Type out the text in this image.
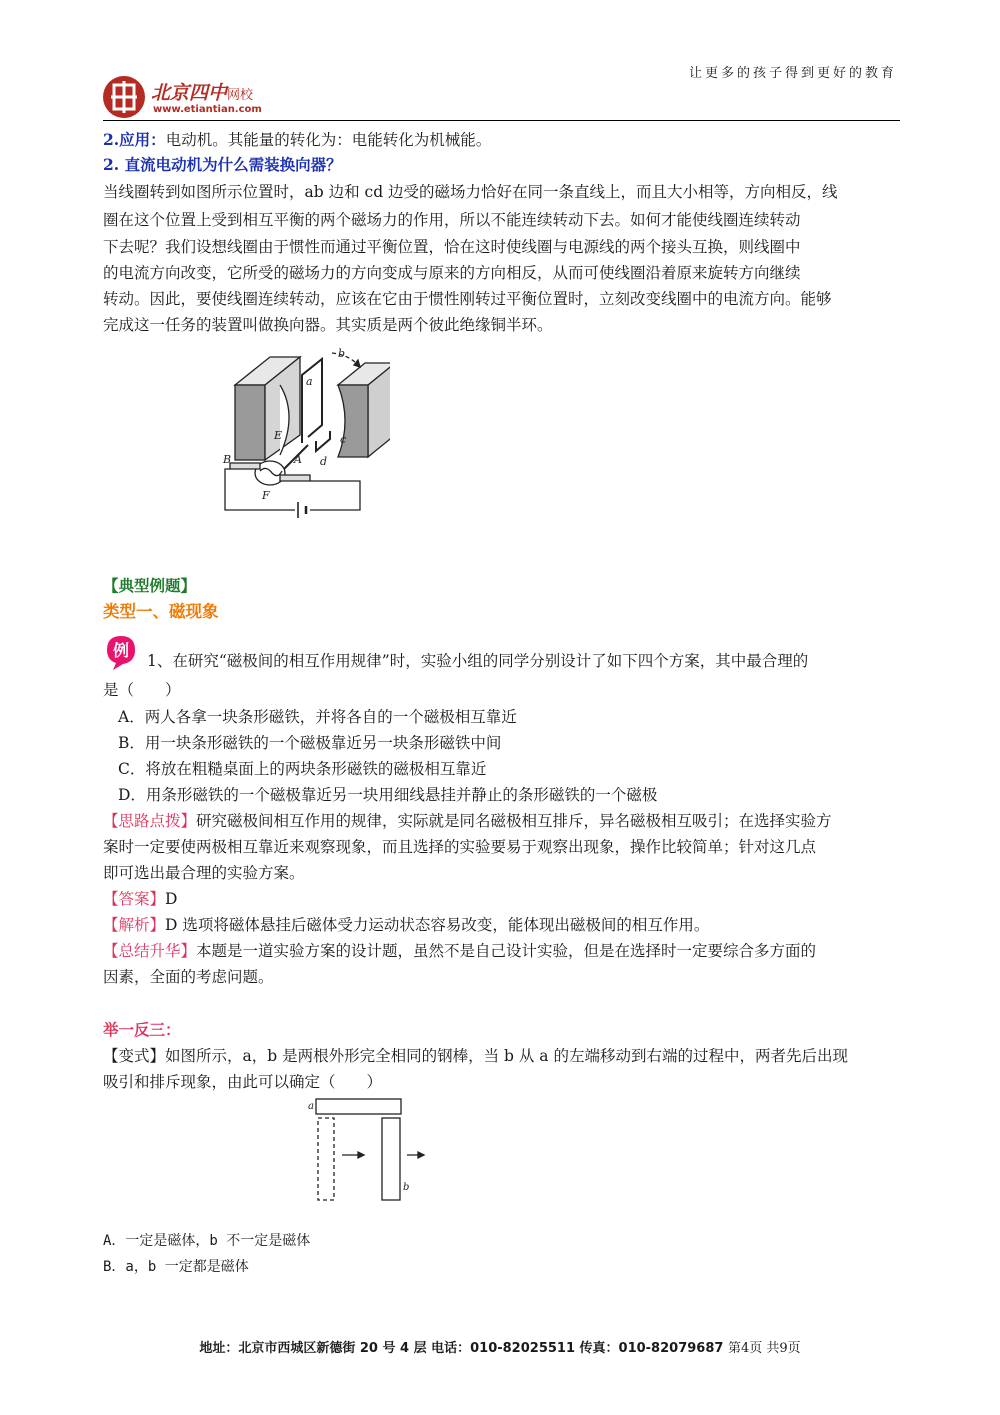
让更多的孩子得到更好的教育
北京四中网校
www.etiantian.com
2.应用：电动机。其能量的转化为：电能转化为机械能。
2. 直流电动机为什么需装换向器？
当线圈转到如图所示位置时，ab 边和 cd 边受的磁场力恰好在同一条直线上，而且大小相等，方向相反，线
圈在这个位置上受到相互平衡的两个磁场力的作用，所以不能连续转动下去。如何才能使线圈连续转动
下去呢？我们设想线圈由于惯性而通过平衡位置，恰在这时使线圈与电源线的两个接头互换，则线圈中
的电流方向改变，它所受的磁场力的方向变成与原来的方向相反，从而可使线圈沿着原来旋转方向继续
转动。因此，要使线圈连续转动，应该在它由于惯性刚转过平衡位置时，立刻改变线圈中的电流方向。能够
完成这一任务的装置叫做换向器。其实质是两个彼此绝缘铜半环。
b
a
E	c
B	A d
F
【典型例题】
类型一、磁现象
例
1、在研究“磁极间的相互作用规律”时，实验小组的同学分别设计了如下四个方案，其中最合理的
是（　　）
A．两人各拿一块条形磁铁，并将各自的一个磁极相互靠近
B．用一块条形磁铁的一个磁极靠近另一块条形磁铁中间
C．将放在粗糙桌面上的两块条形磁铁的磁极相互靠近
D．用条形磁铁的一个磁极靠近另一块用细线悬挂并静止的条形磁铁的一个磁极
【思路点拨】研究磁极间相互作用的规律，实际就是同名磁极相互排斥，异名磁极相互吸引；在选择实验方
案时一定要使两极相互靠近来观察现象，而且选择的实验要易于观察出现象，操作比较简单；针对这几点
即可选出最合理的实验方案。
【答案】D
【解析】D 选项将磁体悬挂后磁体受力运动状态容易改变，能体现出磁极间的相互作用。
【总结升华】本题是一道实验方案的设计题，虽然不是自己设计实验，但是在选择时一定要综合多方面的
因素，全面的考虑问题。
举一反三：
【变式】如图所示，a，b 是两根外形完全相同的钢棒，当 b 从 a 的左端移动到右端的过程中，两者先后出现
吸引和排斥现象，由此可以确定（　　）
a
b
A．一定是磁体，b 不一定是磁体
B．a，b 一定都是磁体
地址：北京市西城区新德街 20 号 4 层 电话：010-82025511 传真：010-82079687 第4页 共9页
